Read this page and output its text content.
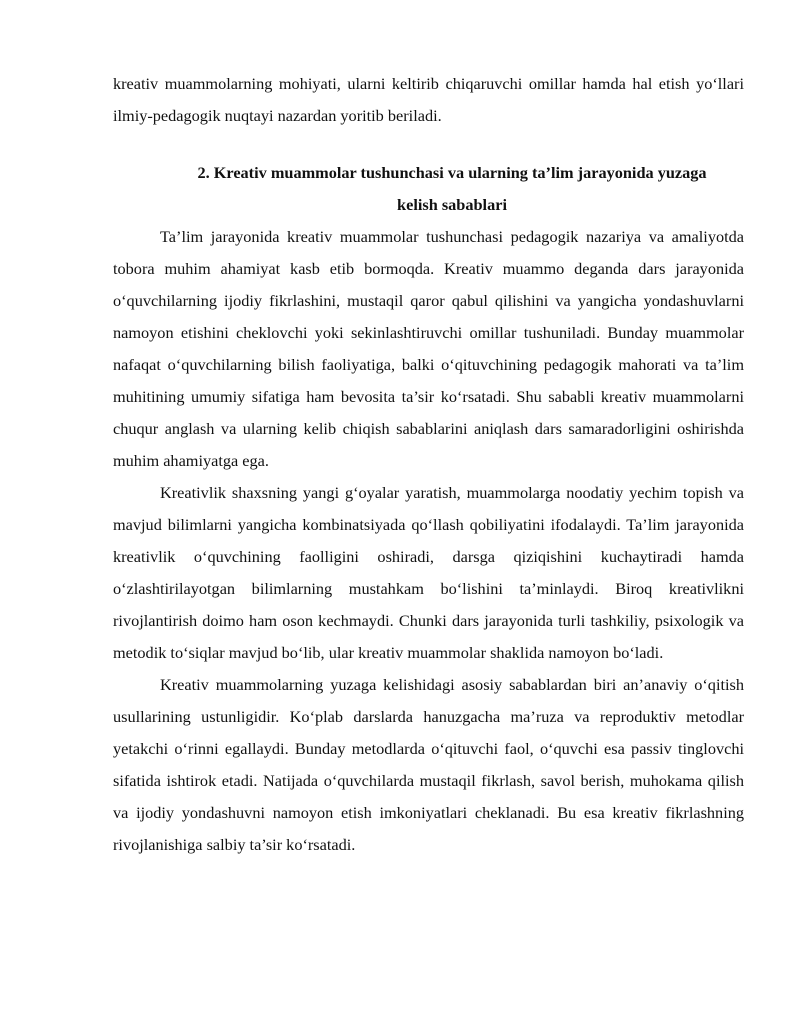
kreativ muammolarning mohiyati, ularni keltirib chiqaruvchi omillar hamda hal etish yo‘llari ilmiy-pedagogik nuqtayi nazardan yoritib beriladi.

2. Kreativ muammolar tushunchasi va ularning ta’lim jarayonida yuzaga
kelish sabablari

Ta’lim jarayonida kreativ muammolar tushunchasi pedagogik nazariya va amaliyotda tobora muhim ahamiyat kasb etib bormoqda. Kreativ muammo deganda dars jarayonida o‘quvchilarning ijodiy fikrlashini, mustaqil qaror qabul qilishini va yangicha yondashuvlarni namoyon etishini cheklovchi yoki sekinlashtiruvchi omillar tushuniladi. Bunday muammolar nafaqat o‘quvchilarning bilish faoliyatiga, balki o‘qituvchining pedagogik mahorati va ta’lim muhitining umumiy sifatiga ham bevosita ta’sir ko‘rsatadi. Shu sababli kreativ muammolarni chuqur anglash va ularning kelib chiqish sabablarini aniqlash dars samaradorligini oshirishda muhim ahamiyatga ega.

Kreativlik shaxsning yangi g‘oyalar yaratish, muammolarga noodatiy yechim topish va mavjud bilimlarni yangicha kombinatsiyada qo‘llash qobiliyatini ifodalaydi. Ta’lim jarayonida kreativlik o‘quvchining faolligini oshiradi, darsga qiziqishini kuchaytiradi hamda o‘zlashtirilayotgan bilimlarning mustahkam bo‘lishini ta’minlaydi. Biroq kreativlikni rivojlantirish doimo ham oson kechmaydi. Chunki dars jarayonida turli tashkiliy, psixologik va metodik to‘siqlar mavjud bo‘lib, ular kreativ muammolar shaklida namoyon bo‘ladi.

Kreativ muammolarning yuzaga kelishidagi asosiy sabablardan biri an’anaviy o‘qitish usullarining ustunligidir. Ko‘plab darslarda hanuzgacha ma’ruza va reproduktiv metodlar yetakchi o‘rinni egallaydi. Bunday metodlarda o‘qituvchi faol, o‘quvchi esa passiv tinglovchi sifatida ishtirok etadi. Natijada o‘quvchilarda mustaqil fikrlash, savol berish, muhokama qilish va ijodiy yondashuvni namoyon etish imkoniyatlari cheklanadi. Bu esa kreativ fikrlashning rivojlanishiga salbiy ta’sir ko‘rsatadi.
